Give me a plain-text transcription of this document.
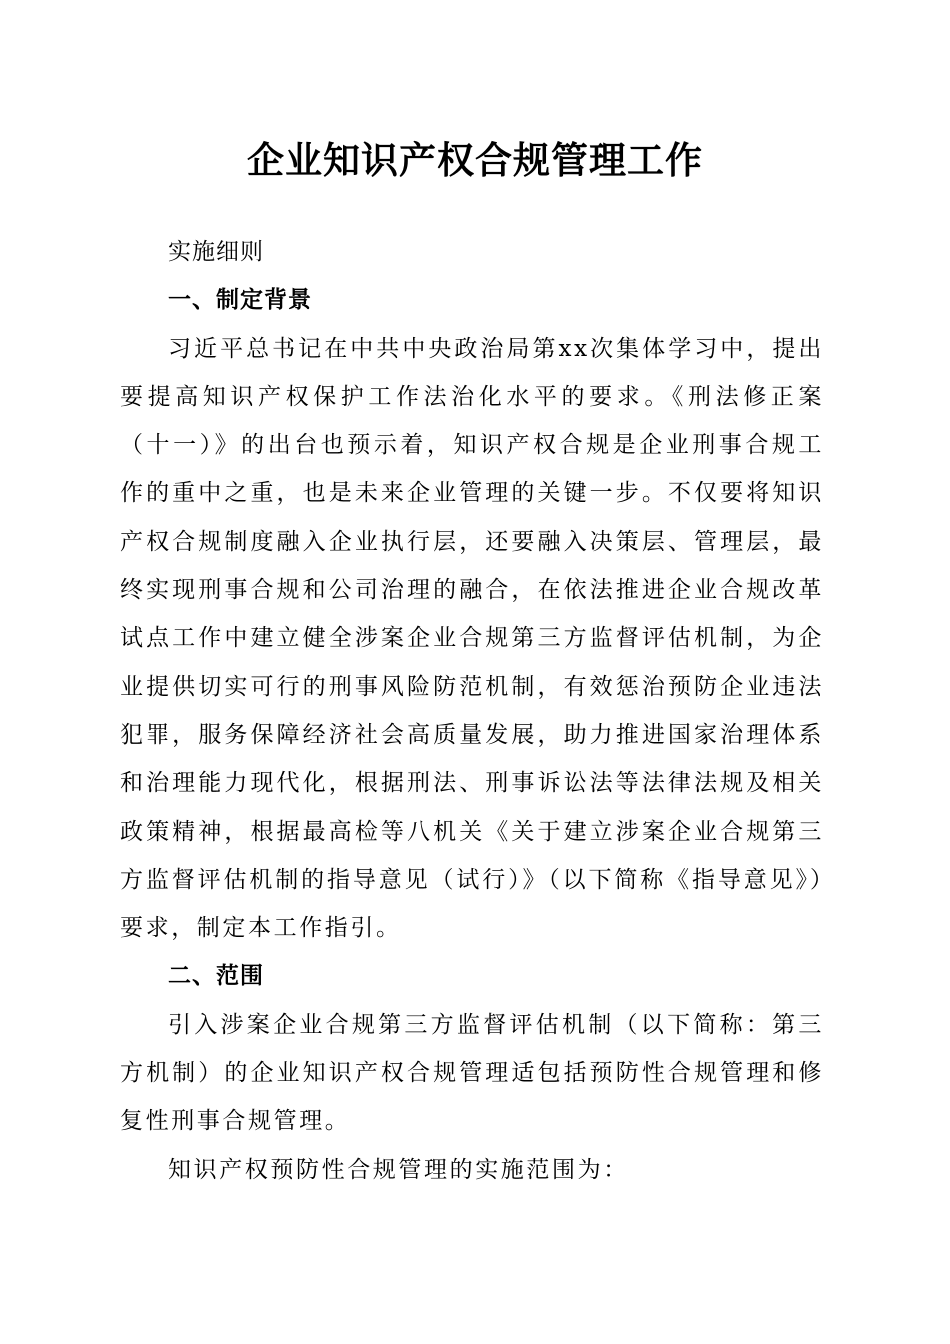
企业知识产权合规管理工作

实施细则

一、制定背景

习近平总书记在中共中央政治局第xx次集体学习中，提出要提高知识产权保护工作法治化水平的要求。《刑法修正案（十一）》的出台也预示着，知识产权合规是企业刑事合规工作的重中之重，也是未来企业管理的关键一步。不仅要将知识产权合规制度融入企业执行层，还要融入决策层、管理层，最终实现刑事合规和公司治理的融合，在依法推进企业合规改革试点工作中建立健全涉案企业合规第三方监督评估机制，为企业提供切实可行的刑事风险防范机制，有效惩治预防企业违法犯罪，服务保障经济社会高质量发展，助力推进国家治理体系和治理能力现代化，根据刑法、刑事诉讼法等法律法规及相关政策精神，根据最高检等八机关《关于建立涉案企业合规第三方监督评估机制的指导意见（试行）》（以下简称《指导意见》）要求，制定本工作指引。

二、范围

引入涉案企业合规第三方监督评估机制（以下简称：第三方机制）的企业知识产权合规管理适包括预防性合规管理和修复性刑事合规管理。

知识产权预防性合规管理的实施范围为：
